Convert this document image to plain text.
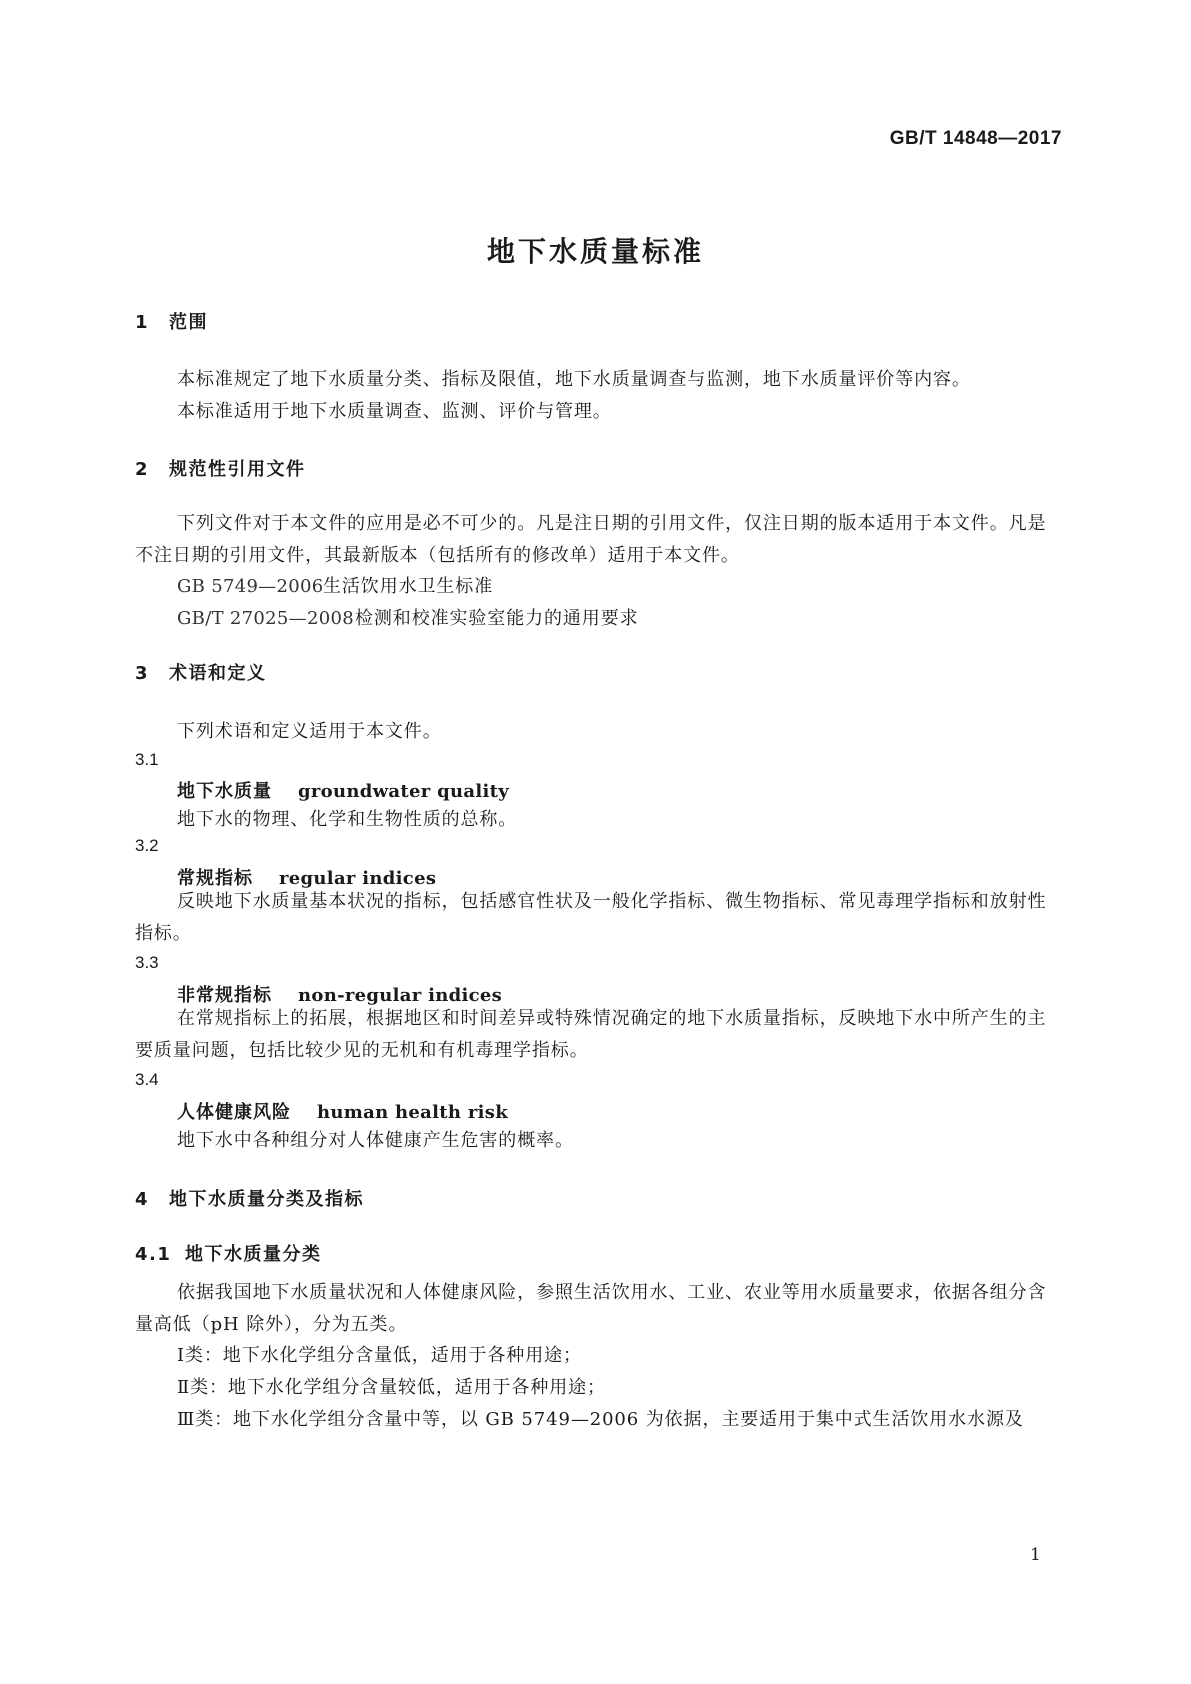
GB/T 14848—2017
地下水质量标准
1 范围
本标准规定了地下水质量分类、指标及限值，地下水质量调查与监测，地下水质量评价等内容。
本标准适用于地下水质量调查、监测、评价与管理。
2 规范性引用文件
下列文件对于本文件的应用是必不可少的。凡是注日期的引用文件，仅注日期的版本适用于本文件。凡是不注日期的引用文件，其最新版本（包括所有的修改单）适用于本文件。
GB 5749—2006生活饮用水卫生标准
GB/T 27025—2008检测和校准实验室能力的通用要求
3 术语和定义
下列术语和定义适用于本文件。
3.1
地下水质量 groundwater quality
地下水的物理、化学和生物性质的总称。
3.2
常规指标 regular indices
反映地下水质量基本状况的指标，包括感官性状及一般化学指标、微生物指标、常见毒理学指标和放射性指标。
3.3
非常规指标 non-regular indices
在常规指标上的拓展，根据地区和时间差异或特殊情况确定的地下水质量指标，反映地下水中所产生的主要质量问题，包括比较少见的无机和有机毒理学指标。
3.4
人体健康风险 human health risk
地下水中各种组分对人体健康产生危害的概率。
4 地下水质量分类及指标
4.1 地下水质量分类
依据我国地下水质量状况和人体健康风险，参照生活饮用水、工业、农业等用水质量要求，依据各组分含量高低（pH 除外），分为五类。
Ⅰ类：地下水化学组分含量低，适用于各种用途；
Ⅱ类：地下水化学组分含量较低，适用于各种用途；
Ⅲ类：地下水化学组分含量中等，以 GB 5749—2006 为依据，主要适用于集中式生活饮用水水源及
1
